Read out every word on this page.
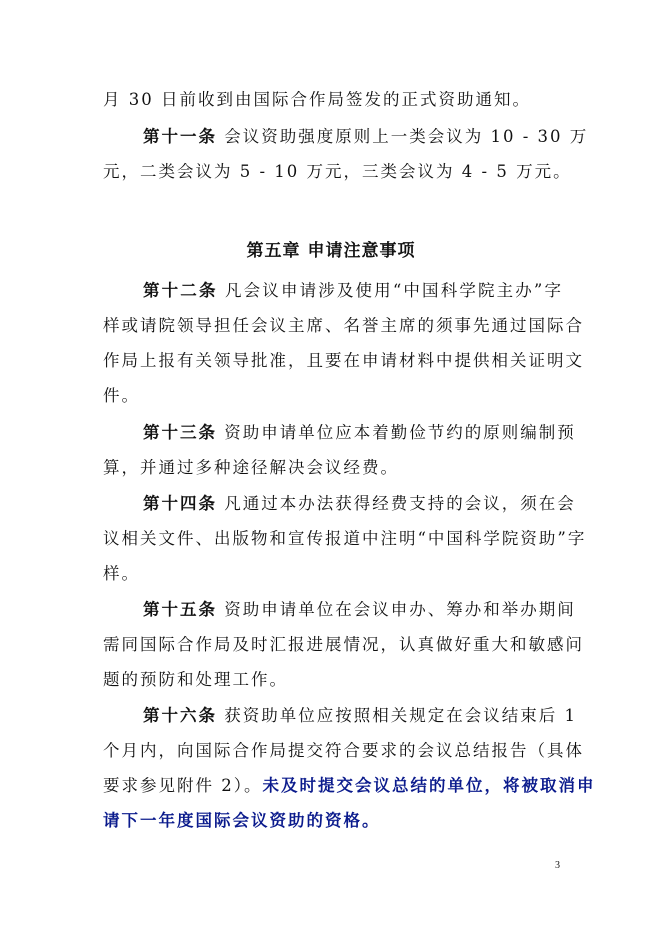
月 30 日前收到由国际合作局签发的正式资助通知。
第十一条 会议资助强度原则上一类会议为 10 - 30 万
元，二类会议为 5 - 10 万元，三类会议为 4 - 5 万元。
第五章 申请注意事项
第十二条 凡会议申请涉及使用“中国科学院主办”字
样或请院领导担任会议主席、名誉主席的须事先通过国际合
作局上报有关领导批准，且要在申请材料中提供相关证明文
件。
第十三条 资助申请单位应本着勤俭节约的原则编制预
算，并通过多种途径解决会议经费。
第十四条 凡通过本办法获得经费支持的会议，须在会
议相关文件、出版物和宣传报道中注明“中国科学院资助”字
样。
第十五条 资助申请单位在会议申办、筹办和举办期间
需同国际合作局及时汇报进展情况，认真做好重大和敏感问
题的预防和处理工作。
第十六条 获资助单位应按照相关规定在会议结束后 1
个月内，向国际合作局提交符合要求的会议总结报告（具体
要求参见附件 2）。未及时提交会议总结的单位，将被取消申
请下一年度国际会议资助的资格。
3
